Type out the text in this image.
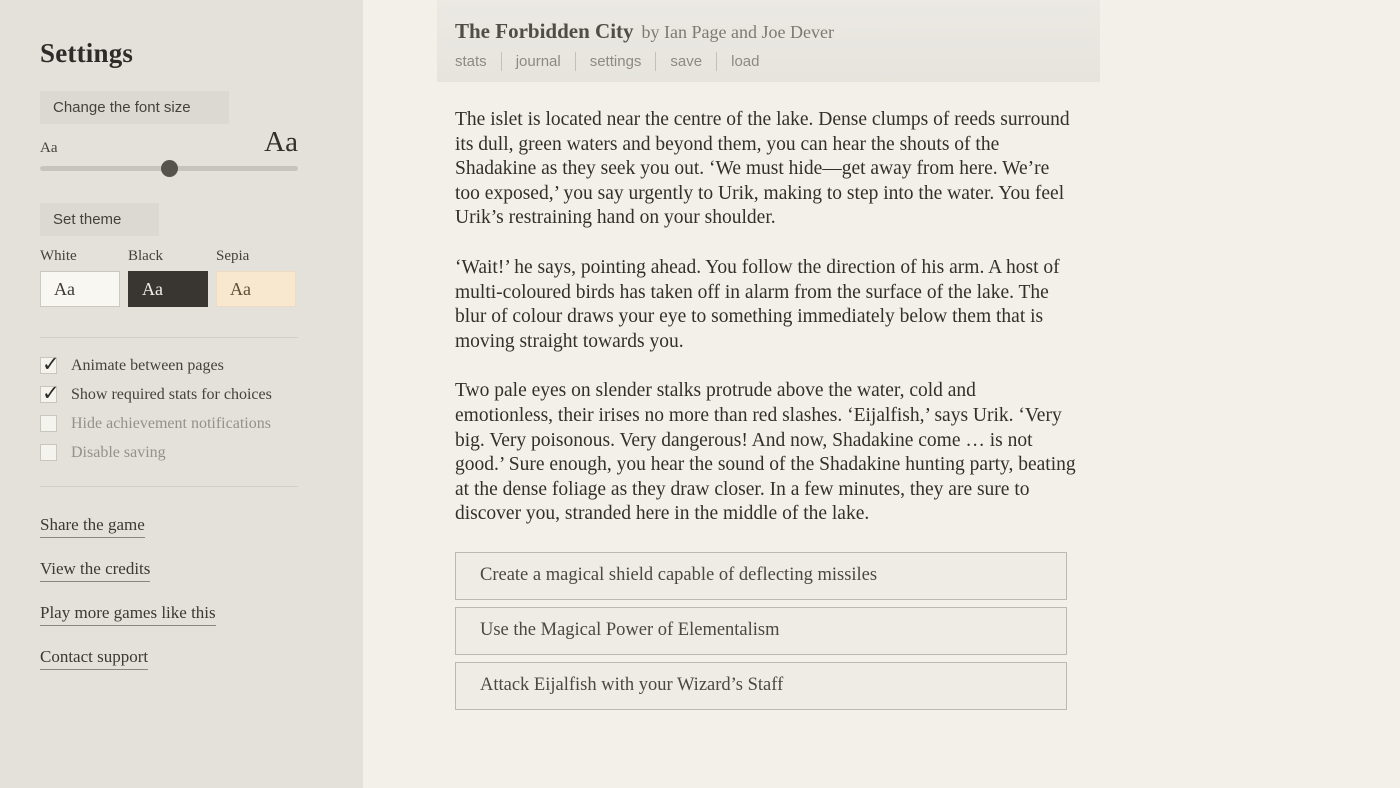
Settings
Change the font size
Aa	Aa
Set theme
White
Aa
Black
Aa
Sepia
Aa
✓
Animate between pages
✓
Show required stats for choices
Hide achievement notifications
Disable saving
Share the game
View the credits
Play more games like this
Contact support
The Forbidden City by Ian Page and Joe Dever
stats	journal	settings	save	load

The islet is located near the centre of the lake. Dense clumps of reeds surround its dull, green waters and beyond them, you can hear the shouts of the Shadakine as they seek you out. ‘We must hide—get away from here. We’re too exposed,’ you say urgently to Urik, making to step into the water. You feel Urik’s restraining hand on your shoulder.

‘Wait!’ he says, pointing ahead. You follow the direction of his arm. A host of multi-coloured birds has taken off in alarm from the surface of the lake. The blur of colour draws your eye to something immediately below them that is moving straight towards you.

Two pale eyes on slender stalks protrude above the water, cold and emotionless, their irises no more than red slashes. ‘Eijalfish,’ says Urik. ‘Very big. Very poisonous. Very dangerous! And now, Shadakine come … is not good.’ Sure enough, you hear the sound of the Shadakine hunting party, beating at the dense foliage as they draw closer. In a few minutes, they are sure to discover you, stranded here in the middle of the lake.

Create a magical shield capable of deflecting missiles
Use the Magical Power of Elementalism
Attack Eijalfish with your Wizard’s Staff
